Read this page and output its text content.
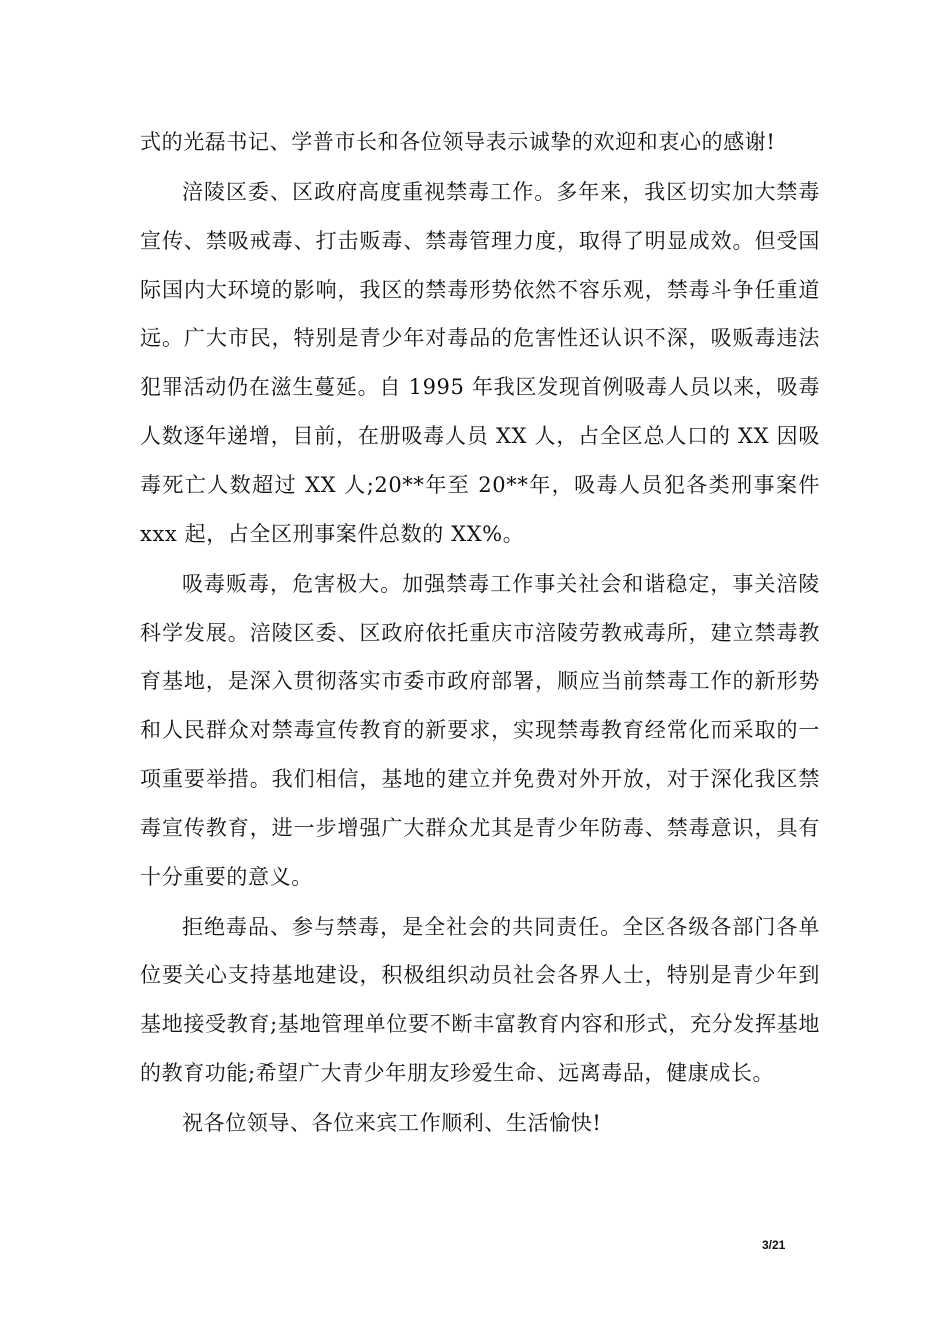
式的光磊书记、学普市长和各位领导表示诚挚的欢迎和衷心的感谢!

涪陵区委、区政府高度重视禁毒工作。多年来，我区切实加大禁毒宣传、禁吸戒毒、打击贩毒、禁毒管理力度，取得了明显成效。但受国际国内大环境的影响，我区的禁毒形势依然不容乐观，禁毒斗争任重道远。广大市民，特别是青少年对毒品的危害性还认识不深，吸贩毒违法犯罪活动仍在滋生蔓延。自 1995 年我区发现首例吸毒人员以来，吸毒人数逐年递增，目前，在册吸毒人员 XX 人，占全区总人口的 XX 因吸毒死亡人数超过 XX 人;20**年至 20**年，吸毒人员犯各类刑事案件 xxx 起，占全区刑事案件总数的 XX%。

吸毒贩毒，危害极大。加强禁毒工作事关社会和谐稳定，事关涪陵科学发展。涪陵区委、区政府依托重庆市涪陵劳教戒毒所，建立禁毒教育基地，是深入贯彻落实市委市政府部署，顺应当前禁毒工作的新形势和人民群众对禁毒宣传教育的新要求，实现禁毒教育经常化而采取的一项重要举措。我们相信，基地的建立并免费对外开放，对于深化我区禁毒宣传教育，进一步增强广大群众尤其是青少年防毒、禁毒意识，具有十分重要的意义。

拒绝毒品、参与禁毒，是全社会的共同责任。全区各级各部门各单位要关心支持基地建设，积极组织动员社会各界人士，特别是青少年到基地接受教育;基地管理单位要不断丰富教育内容和形式，充分发挥基地的教育功能;希望广大青少年朋友珍爱生命、远离毒品，健康成长。

祝各位领导、各位来宾工作顺利、生活愉快!

3/21
